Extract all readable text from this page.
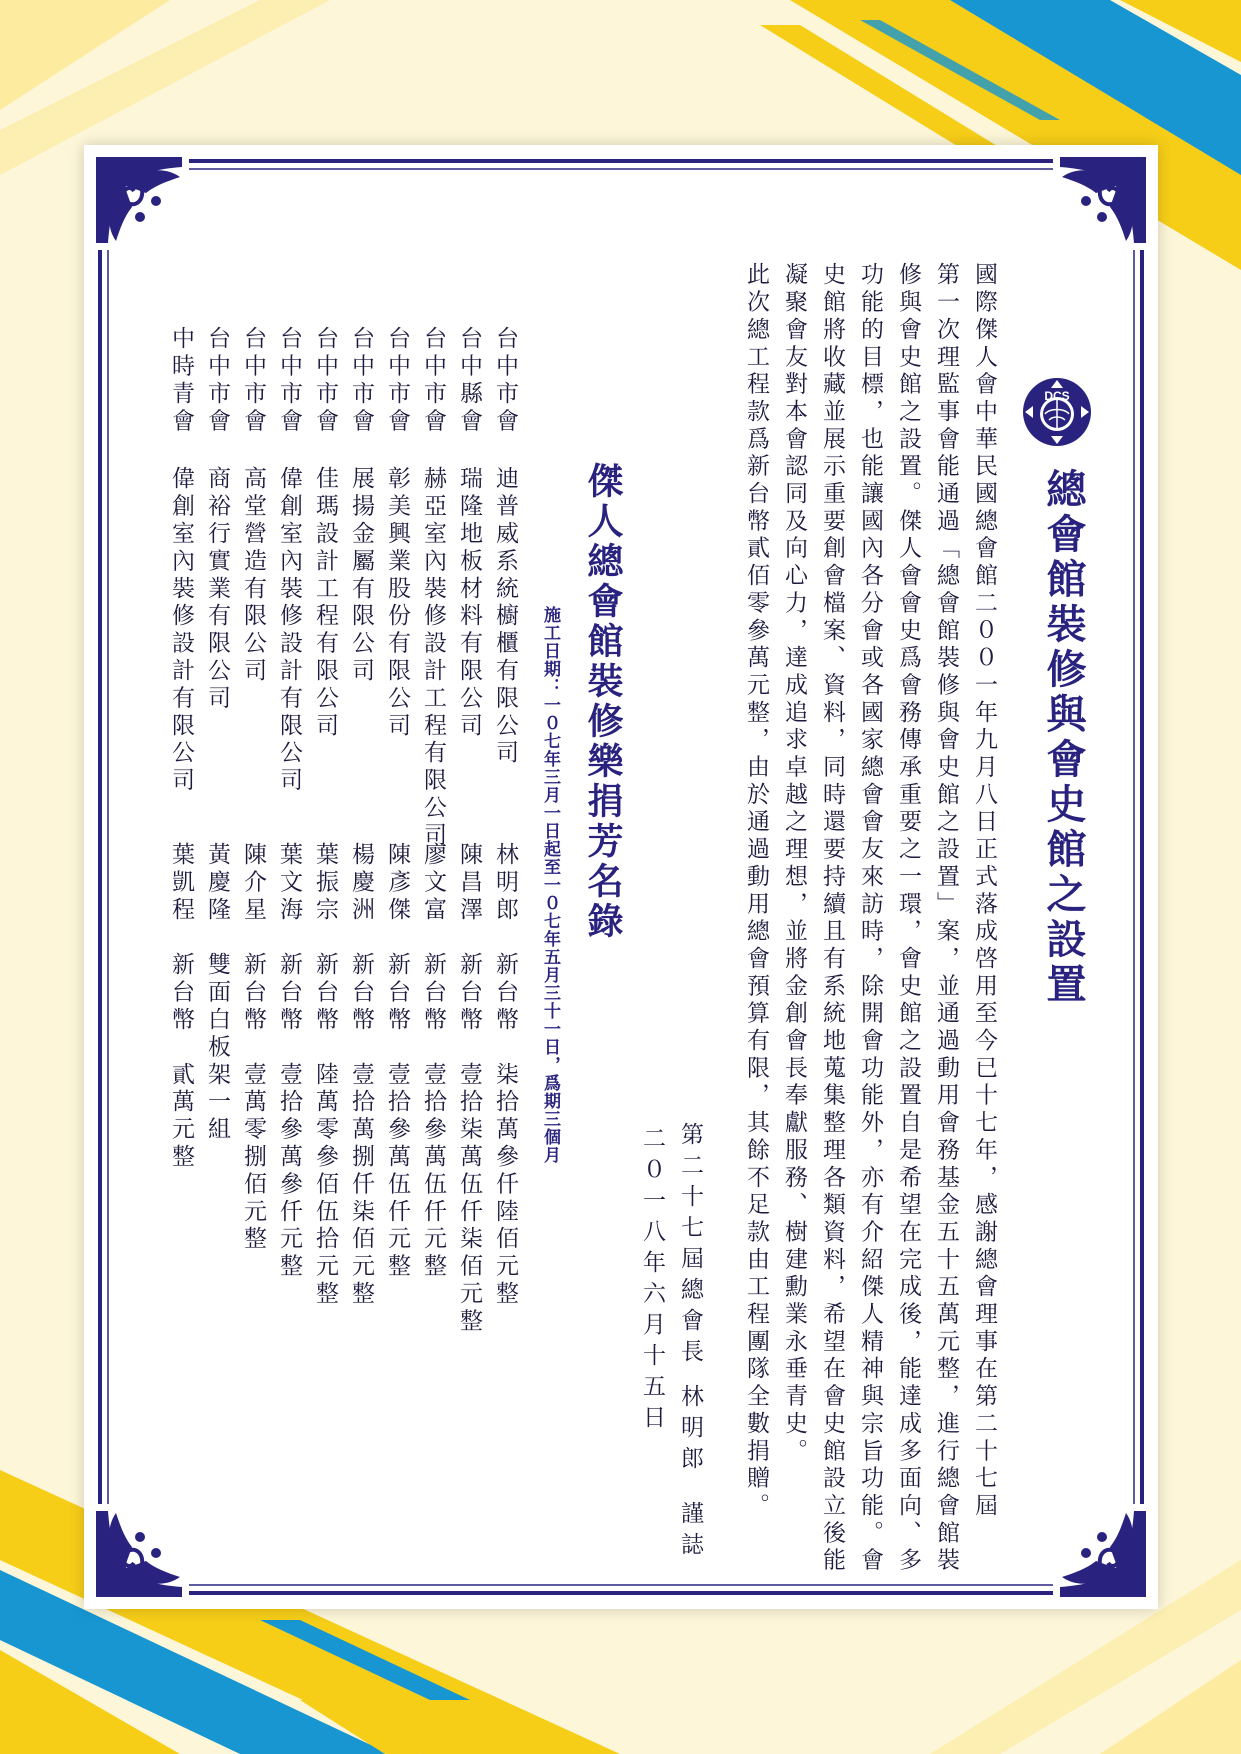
DCS
總會館裝修與會史館之設置
國際傑人會中華民國總會館二００一年九月八日正式落成啓用至今已十七年，感謝總會理事在第二十七屆
第一次理監事會能通過「總會館裝修與會史館之設置」案，並通過動用會務基金五十五萬元整，進行總會館裝
修與會史館之設置。傑人會會史爲會務傳承重要之一環，會史館之設置自是希望在完成後，能達成多面向、多
功能的目標，也能讓國內各分會或各國家總會會友來訪時，除開會功能外，亦有介紹傑人精神與宗旨功能。會
史館將收藏並展示重要創會檔案、資料，同時還要持續且有系統地蒐集整理各類資料，希望在會史館設立後能
凝聚會友對本會認同及向心力，達成追求卓越之理想，並將金創會長奉獻服務、樹建勳業永垂青史。
此次總工程款爲新台幣貳佰零參萬元整，由於通過動用總會預算有限，其餘不足款由工程團隊全數捐贈。
第二十七屆總會長林明郎謹誌
二０一八年六月十五日
傑人總會館裝修樂捐芳名錄
施工日期：一０七年三月一日起至一０七年五月三十一日，爲期三個月
台中市會
迪普威系統櫥櫃有限公司
林明郎
新台幣　柒拾萬參仟陸佰元整
台中縣會
瑞隆地板材料有限公司
陳昌澤
新台幣　壹拾柒萬伍仟柒佰元整
台中市會
赫亞室內裝修設計工程有限公司
廖文富
新台幣　壹拾參萬伍仟元整
台中市會
彰美興業股份有限公司
陳彥傑
新台幣　壹拾參萬伍仟元整
台中市會
展揚金屬有限公司
楊慶洲
新台幣　壹拾萬捌仟柒佰元整
台中市會
佳瑪設計工程有限公司
葉振宗
新台幣　陸萬零參佰伍拾元整
台中市會
偉創室內裝修設計有限公司
葉文海
新台幣　壹拾參萬參仟元整
台中市會
高堂營造有限公司
陳介星
新台幣　壹萬零捌佰元整
台中市會
商裕行實業有限公司
黃慶隆
雙面白板架一組
中時青會
偉創室內裝修設計有限公司
葉凱程
新台幣　貳萬元整
